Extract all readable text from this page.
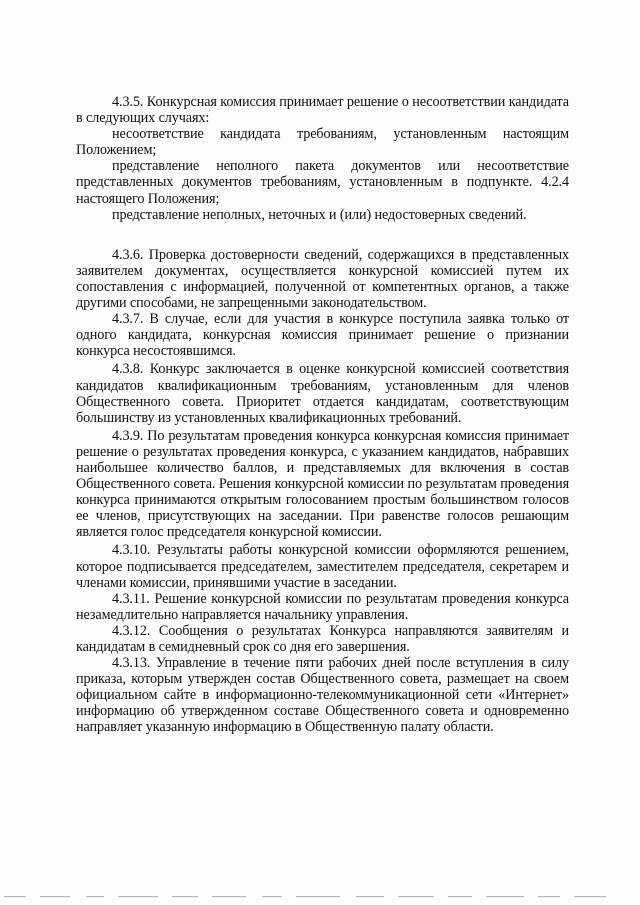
4.3.5. Конкурсная комиссия принимает решение о несоответствии кандидата в следующих случаях:

несоответствие кандидата требованиям, установленным настоящим Положением;

представление неполного пакета документов или несоответствие представленных документов требованиям, установленным в подпункте. 4.2.4 настоящего Положения;

представление неполных, неточных и (или) недостоверных сведений.

4.3.6. Проверка достоверности сведений, содержащихся в представленных заявителем документах, осуществляется конкурсной комиссией путем их сопоставления с информацией, полученной от компетентных органов, а также другими способами, не запрещенными законодательством.

4.3.7. В случае, если для участия в конкурсе поступила заявка только от одного кандидата, конкурсная комиссия принимает решение о признании конкурса несостоявшимся.

4.3.8. Конкурс заключается в оценке конкурсной комиссией соответствия кандидатов квалификационным требованиям, установленным для членов Общественного совета. Приоритет отдается кандидатам, соответствующим большинству из установленных квалификационных требований.

4.3.9. По результатам проведения конкурса конкурсная комиссия принимает решение о результатах проведения конкурса, с указанием кандидатов, набравших наибольшее количество баллов, и представляемых для включения в состав Общественного совета. Решения конкурсной комиссии по результатам проведения конкурса принимаются открытым голосованием простым большинством голосов ее членов, присутствующих на заседании. При равенстве голосов решающим является голос председателя конкурсной комиссии.

4.3.10. Результаты работы конкурсной комиссии оформляются решением, которое подписывается председателем, заместителем председателя, секретарем и членами комиссии, принявшими участие в заседании.

4.3.11. Решение конкурсной комиссии по результатам проведения конкурса незамедлительно направляется начальнику управления.

4.3.12. Сообщения о результатах Конкурса направляются заявителям и кандидатам в семидневный срок со дня его завершения.

4.3.13. Управление в течение пяти рабочих дней после вступления в силу приказа, которым утвержден состав Общественного совета, размещает на своем официальном сайте в информационно-телекоммуникационной сети «Интернет» информацию об утвержденном составе Общественного совета и одновременно направляет указанную информацию в Общественную палату области.
